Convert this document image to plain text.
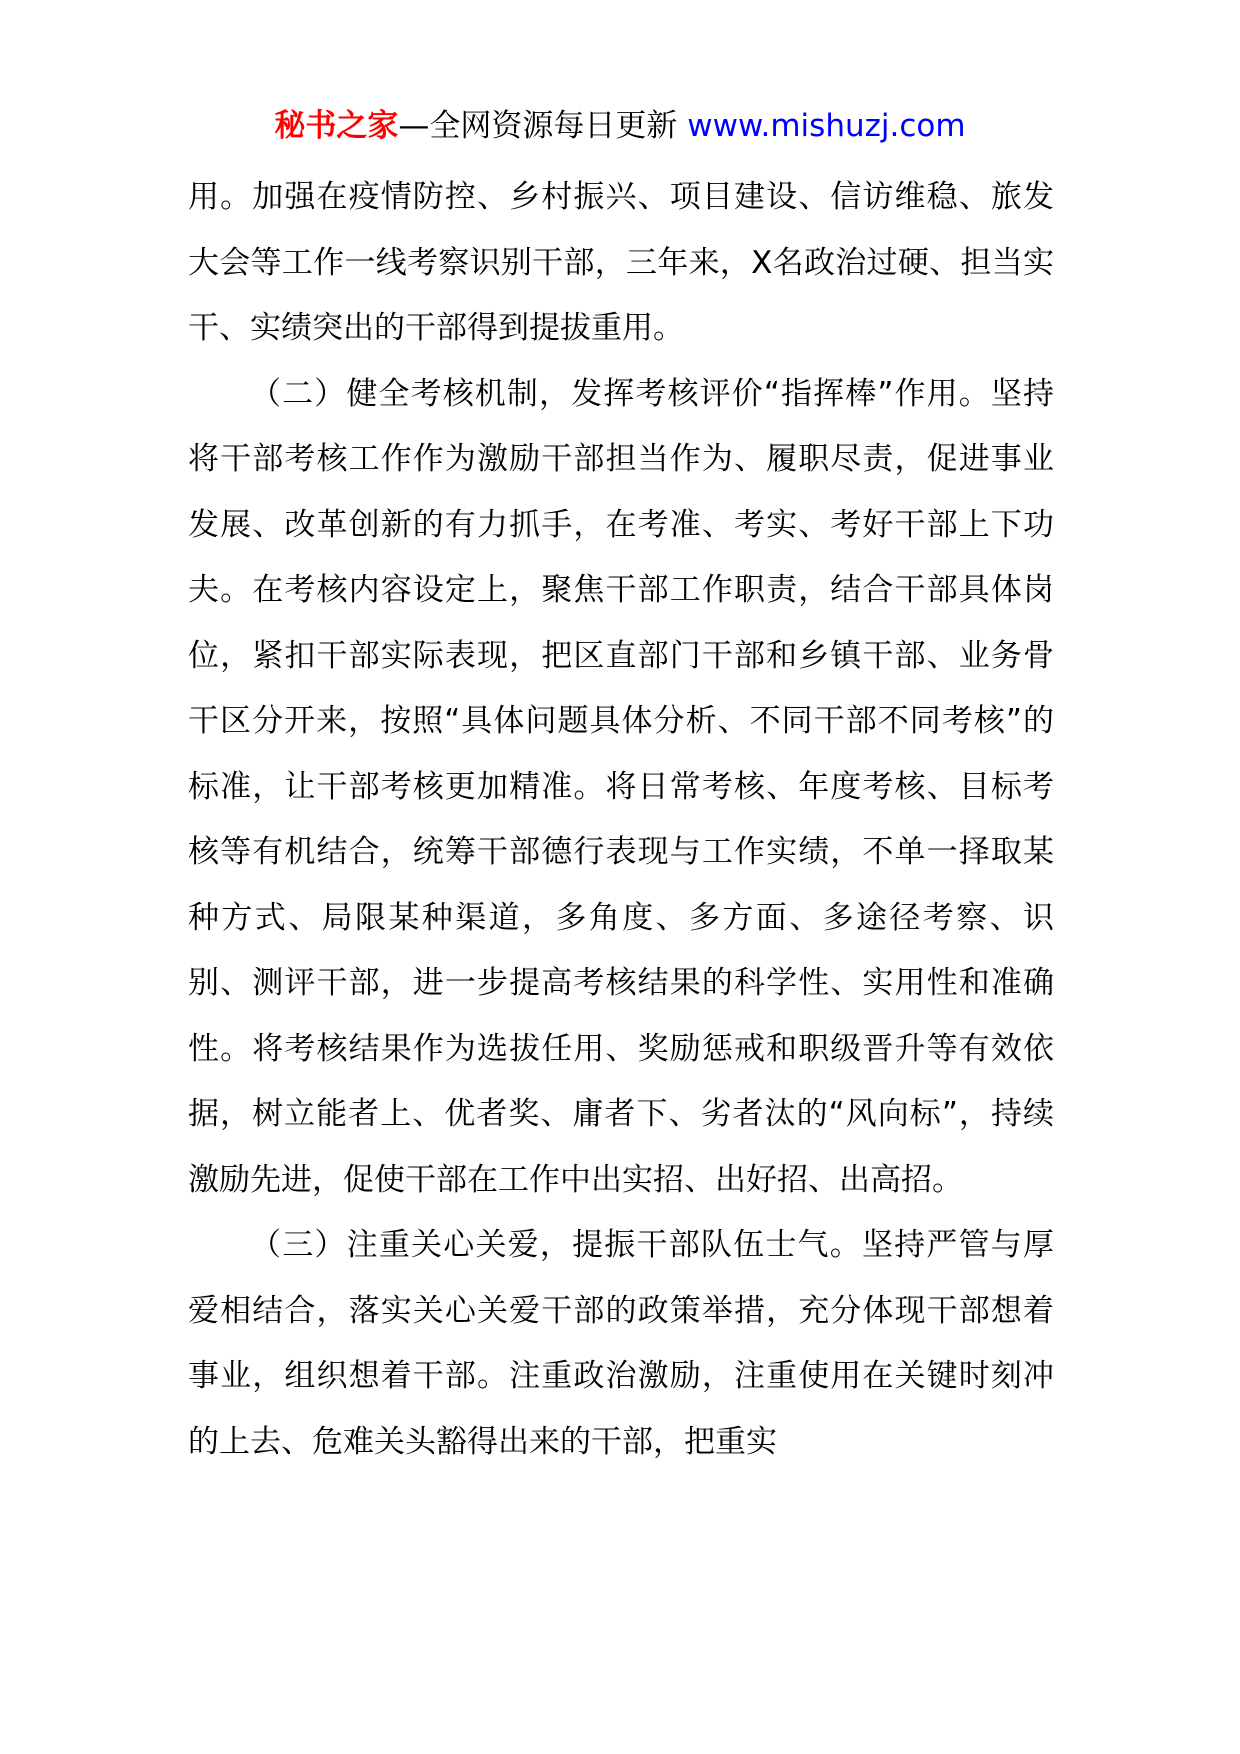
秘书之家—全网资源每日更新 www.mishuzj.com

用。加强在疫情防控、乡村振兴、项目建设、信访维稳、旅发大会等工作一线考察识别干部，三年来，X名政治过硬、担当实干、实绩突出的干部得到提拔重用。

（二）健全考核机制，发挥考核评价“指挥棒”作用。坚持将干部考核工作作为激励干部担当作为、履职尽责，促进事业发展、改革创新的有力抓手，在考准、考实、考好干部上下功夫。在考核内容设定上，聚焦干部工作职责，结合干部具体岗位，紧扣干部实际表现，把区直部门干部和乡镇干部、业务骨干区分开来，按照“具体问题具体分析、不同干部不同考核”的标准，让干部考核更加精准。将日常考核、年度考核、目标考核等有机结合，统筹干部德行表现与工作实绩，不单一择取某种方式、局限某种渠道，多角度、多方面、多途径考察、识别、测评干部，进一步提高考核结果的科学性、实用性和准确性。将考核结果作为选拔任用、奖励惩戒和职级晋升等有效依据，树立能者上、优者奖、庸者下、劣者汰的“风向标”，持续激励先进，促使干部在工作中出实招、出好招、出高招。

（三）注重关心关爱，提振干部队伍士气。坚持严管与厚爱相结合，落实关心关爱干部的政策举措，充分体现干部想着事业，组织想着干部。注重政治激励，注重使用在关键时刻冲的上去、危难关头豁得出来的干部，把重实
